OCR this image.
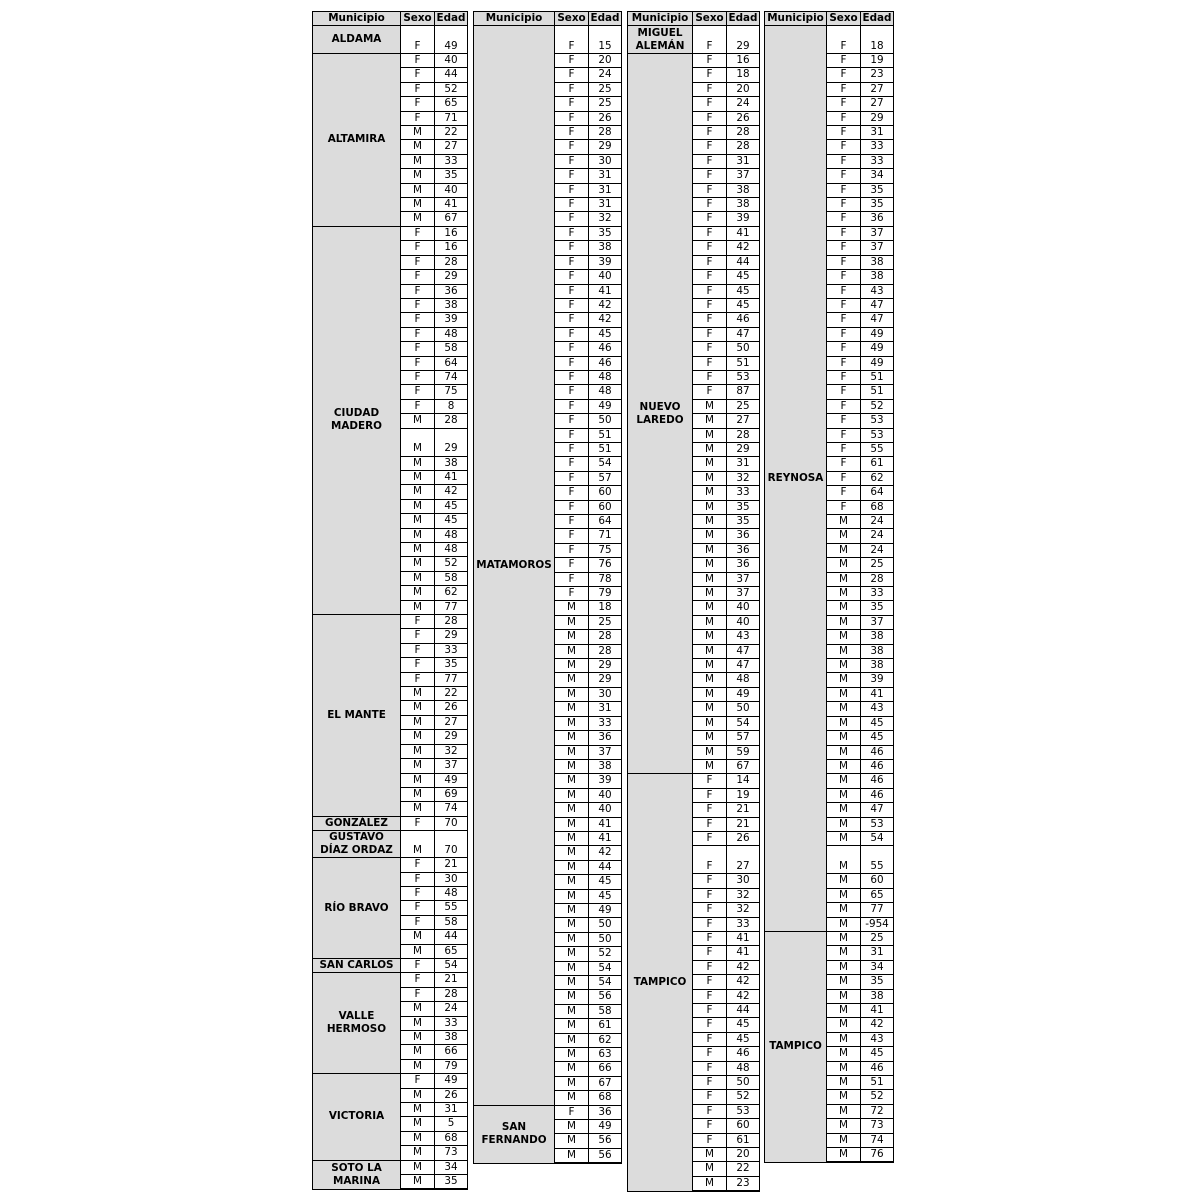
Municipio	Sexo	Edad

ALDAMA	F	49

ALTAMIRA	F	40
	F	44
	F	52
	F	65
	F	71
	M	22
	M	27
	M	33
	M	35
	M	40
	M	41
	M	67

CIUDAD
MADERO	F	16
	F	16
	F	28
	F	29
	F	36
	F	38
	F	39
	F	48
	F	58
	F	64
	F	74
	F	75
	F	8
	M	28
	M	29
	M	38
	M	41
	M	42
	M	45
	M	45
	M	48
	M	48
	M	52
	M	58
	M	62
	M	77

EL MANTE	F	28
	F	29
	F	33
	F	35
	F	77
	M	22
	M	26
	M	27
	M	29
	M	32
	M	37
	M	49
	M	69
	M	74

GONZÁLEZ	F	70

GUSTAVO
DÍAZ ORDAZ	M	70

RÍO BRAVO	F	21
	F	30
	F	48
	F	55
	F	58
	M	44
	M	65

SAN CARLOS	F	54

VALLE
HERMOSO	F	21
	F	28
	M	24
	M	33
	M	38
	M	66
	M	79

VICTORIA	F	49
	M	26
	M	31
	M	5
	M	68
	M	73

SOTO LA
MARINA	M	34
	M	35
Municipio	Sexo	Edad

MATAMOROS	F	15
	F	20
	F	24
	F	25
	F	25
	F	26
	F	28
	F	29
	F	30
	F	31
	F	31
	F	31
	F	32
	F	35
	F	38
	F	39
	F	40
	F	41
	F	42
	F	42
	F	45
	F	46
	F	46
	F	48
	F	48
	F	49
	F	50
	F	51
	F	51
	F	54
	F	57
	F	60
	F	60
	F	64
	F	71
	F	75
	F	76
	F	78
	F	79
	M	18
	M	25
	M	28
	M	28
	M	29
	M	29
	M	30
	M	31
	M	33
	M	36
	M	37
	M	38
	M	39
	M	40
	M	40
	M	41
	M	41
	M	42
	M	44
	M	45
	M	45
	M	49
	M	50
	M	50
	M	52
	M	54
	M	54
	M	56
	M	58
	M	61
	M	62
	M	63
	M	66
	M	67
	M	68

SAN
FERNANDO	F	36
	M	49
	M	56
	M	56
Municipio	Sexo	Edad

MIGUEL
ALEMÁN	F	29

NUEVO
LAREDO	F	16
	F	18
	F	20
	F	24
	F	26
	F	28
	F	28
	F	31
	F	37
	F	38
	F	38
	F	39
	F	41
	F	42
	F	44
	F	45
	F	45
	F	45
	F	46
	F	47
	F	50
	F	51
	F	53
	F	87
	M	25
	M	27
	M	28
	M	29
	M	31
	M	32
	M	33
	M	35
	M	35
	M	36
	M	36
	M	36
	M	37
	M	37
	M	40
	M	40
	M	43
	M	47
	M	47
	M	48
	M	49
	M	50
	M	54
	M	57
	M	59
	M	67

TAMPICO	F	14
	F	19
	F	21
	F	21
	F	26
	F	27
	F	30
	F	32
	F	32
	F	33
	F	41
	F	41
	F	42
	F	42
	F	42
	F	44
	F	45
	F	45
	F	46
	F	48
	F	50
	F	52
	F	53
	F	60
	F	61
	M	20
	M	22
	M	23
Municipio	Sexo	Edad

REYNOSA	F	18
	F	19
	F	23
	F	27
	F	27
	F	29
	F	31
	F	33
	F	33
	F	34
	F	35
	F	35
	F	36
	F	37
	F	37
	F	38
	F	38
	F	43
	F	47
	F	47
	F	49
	F	49
	F	49
	F	51
	F	51
	F	52
	F	53
	F	53
	F	55
	F	61
	F	62
	F	64
	F	68
	M	24
	M	24
	M	24
	M	25
	M	28
	M	33
	M	35
	M	37
	M	38
	M	38
	M	38
	M	39
	M	41
	M	43
	M	45
	M	45
	M	46
	M	46
	M	46
	M	46
	M	47
	M	53
	M	54
	M	55
	M	60
	M	65
	M	77
	M	-954

TAMPICO	M	25
	M	31
	M	34
	M	35
	M	38
	M	41
	M	42
	M	43
	M	45
	M	46
	M	51
	M	52
	M	72
	M	73
	M	74
	M	76
